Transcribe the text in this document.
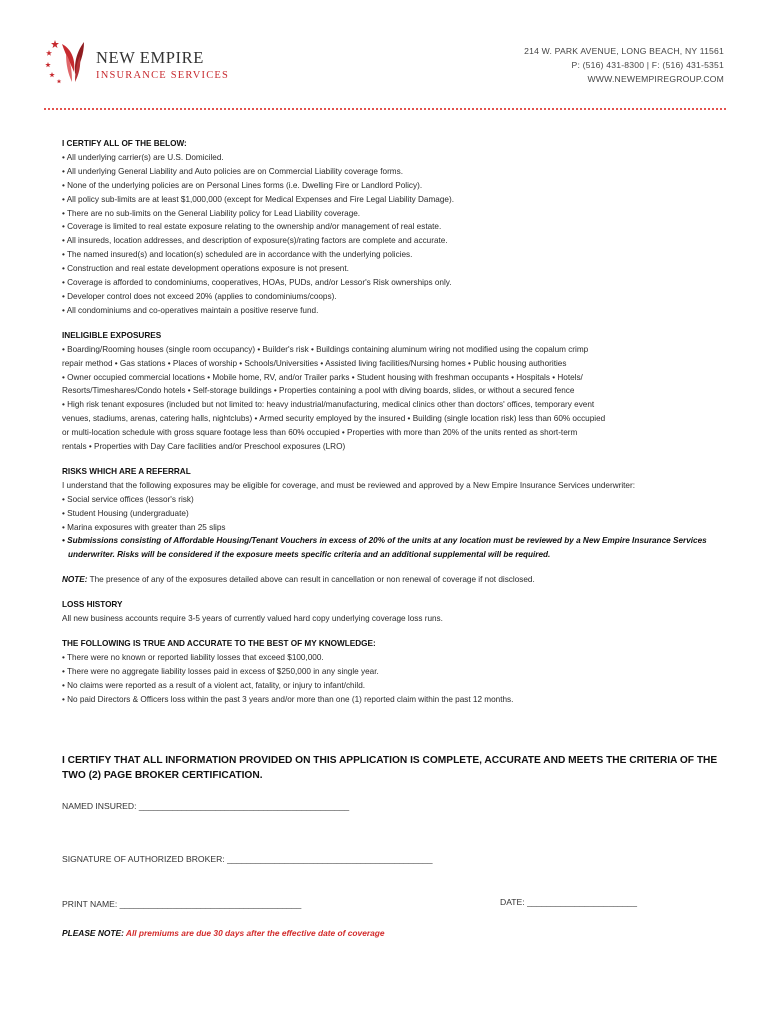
NEW EMPIRE
INSURANCE SERVICES
214 W. PARK AVENUE, LONG BEACH, NY 11561
P: (516) 431-8300 | F: (516) 431-5351
WWW.NEWEMPIREGROUP.COM
I CERTIFY ALL OF THE BELOW:
• All underlying carrier(s) are U.S. Domiciled.
• All underlying General Liability and Auto policies are on Commercial Liability coverage forms.
• None of the underlying policies are on Personal Lines forms (i.e. Dwelling Fire or Landlord Policy).
• All policy sub-limits are at least $1,000,000 (except for Medical Expenses and Fire Legal Liability Damage).
• There are no sub-limits on the General Liability policy for Lead Liability coverage.
• Coverage is limited to real estate exposure relating to the ownership and/or management of real estate.
• All insureds, location addresses, and description of exposure(s)/rating factors are complete and accurate.
• The named insured(s) and location(s) scheduled are in accordance with the underlying policies.
• Construction and real estate development operations exposure is not present.
• Coverage is afforded to condominiums, cooperatives, HOAs, PUDs, and/or Lessor's Risk ownerships only.
• Developer control does not exceed 20% (applies to condominiums/coops).
• All condominiums and co-operatives maintain a positive reserve fund.
INELIGIBLE EXPOSURES
• Boarding/Rooming houses (single room occupancy) • Builder's risk • Buildings containing aluminum wiring not modified using the copalum crimp
repair method • Gas stations • Places of worship • Schools/Universities • Assisted living facilities/Nursing homes • Public housing authorities
• Owner occupied commercial locations • Mobile home, RV, and/or Trailer parks • Student housing with freshman occupants • Hospitals • Hotels/
Resorts/Timeshares/Condo hotels • Self-storage buildings • Properties containing a pool with diving boards, slides, or without a secured fence
• High risk tenant exposures (included but not limited to: heavy industrial/manufacturing, medical clinics other than doctors' offices, temporary event
venues, stadiums, arenas, catering halls, nightclubs) • Armed security employed by the insured • Building (single location risk) less than 60% occupied
or multi-location schedule with gross square footage less than 60% occupied • Properties with more than 20% of the units rented as short-term
rentals • Properties with Day Care facilities and/or Preschool exposures (LRO)
RISKS WHICH ARE A REFERRAL
I understand that the following exposures may be eligible for coverage, and must be reviewed and approved by a New Empire Insurance Services underwriter:
• Social service offices (lessor's risk)
• Student Housing (undergraduate)
• Marina exposures with greater than 25 slips
• Submissions consisting of Affordable Housing/Tenant Vouchers in excess of 20% of the units at any location must be reviewed by a New Empire Insurance Services
underwriter. Risks will be considered if the exposure meets specific criteria and an additional supplemental will be required.
NOTE: The presence of any of the exposures detailed above can result in cancellation or non renewal of coverage if not disclosed.
LOSS HISTORY
All new business accounts require 3-5 years of currently valued hard copy underlying coverage loss runs.
THE FOLLOWING IS TRUE AND ACCURATE TO THE BEST OF MY KNOWLEDGE:
• There were no known or reported liability losses that exceed $100,000.
• There were no aggregate liability losses paid in excess of $250,000 in any single year.
• No claims were reported as a result of a violent act, fatality, or injury to infant/child.
• No paid Directors & Officers loss within the past 3 years and/or more than one (1) reported claim within the past 12 months.
I CERTIFY THAT ALL INFORMATION PROVIDED ON THIS APPLICATION IS COMPLETE, ACCURATE AND MEETS THE CRITERIA OF THE
TWO (2) PAGE BROKER CERTIFICATION.
NAMED INSURED: ____________________________________________
SIGNATURE OF AUTHORIZED BROKER: ___________________________________________
PRINT NAME: ______________________________________	DATE: _______________________
PLEASE NOTE: All premiums are due 30 days after the effective date of coverage
